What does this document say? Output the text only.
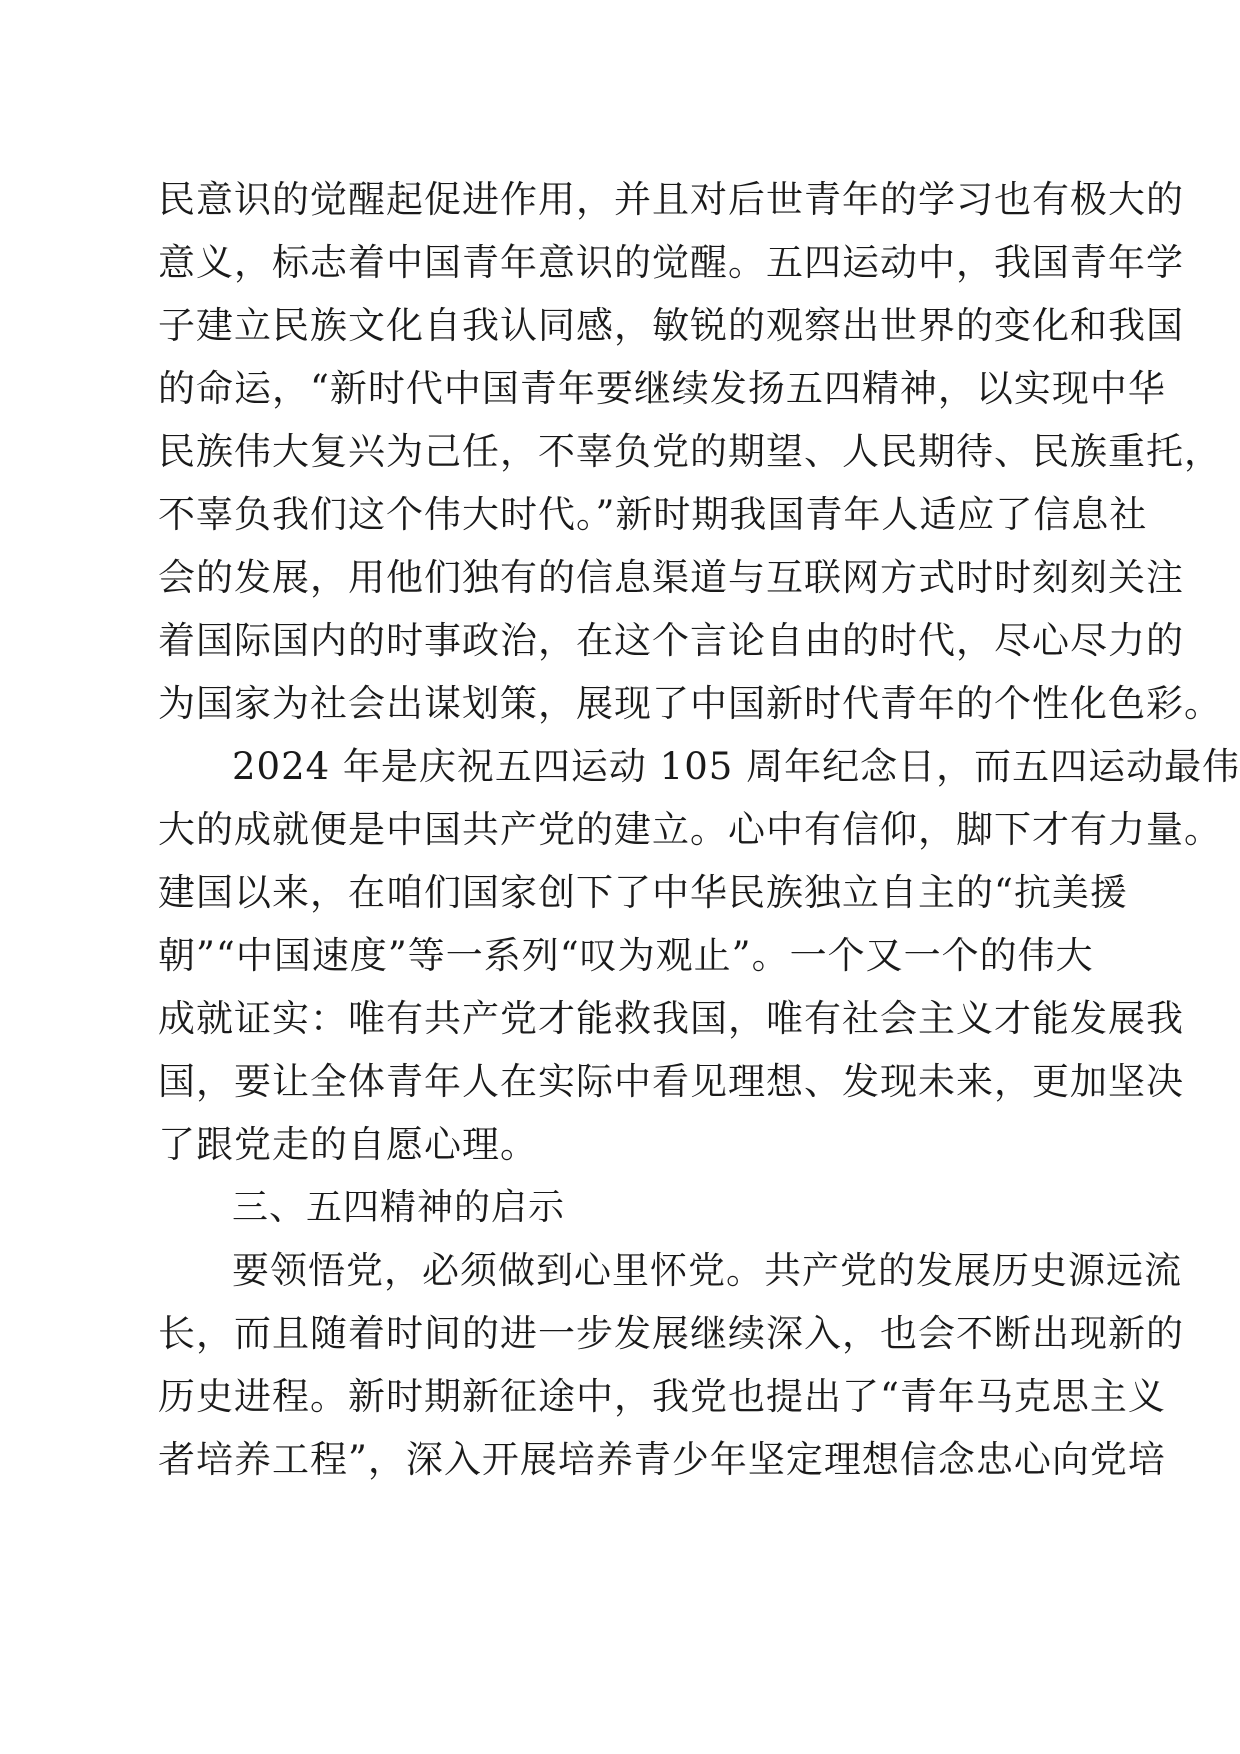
民意识的觉醒起促进作用，并且对后世青年的学习也有极大的
意义，标志着中国青年意识的觉醒。五四运动中，我国青年学
子建立民族文化自我认同感，敏锐的观察出世界的变化和我国
的命运，“新时代中国青年要继续发扬五四精神，以实现中华
民族伟大复兴为己任，不辜负党的期望、人民期待、民族重托，
不辜负我们这个伟大时代。”新时期我国青年人适应了信息社
会的发展，用他们独有的信息渠道与互联网方式时时刻刻关注
着国际国内的时事政治，在这个言论自由的时代，尽心尽力的
为国家为社会出谋划策，展现了中国新时代青年的个性化色彩。
2024 年是庆祝五四运动 105 周年纪念日，而五四运动最伟
大的成就便是中国共产党的建立。心中有信仰，脚下才有力量。
建国以来，在咱们国家创下了中华民族独立自主的“抗美援
朝”“中国速度”等一系列“叹为观止”。一个又一个的伟大
成就证实：唯有共产党才能救我国，唯有社会主义才能发展我
国，要让全体青年人在实际中看见理想、发现未来，更加坚决
了跟党走的自愿心理。
三、五四精神的启示
要领悟党，必须做到心里怀党。共产党的发展历史源远流
长，而且随着时间的进一步发展继续深入，也会不断出现新的
历史进程。新时期新征途中，我党也提出了“青年马克思主义
者培养工程”，深入开展培养青少年坚定理想信念忠心向党培
